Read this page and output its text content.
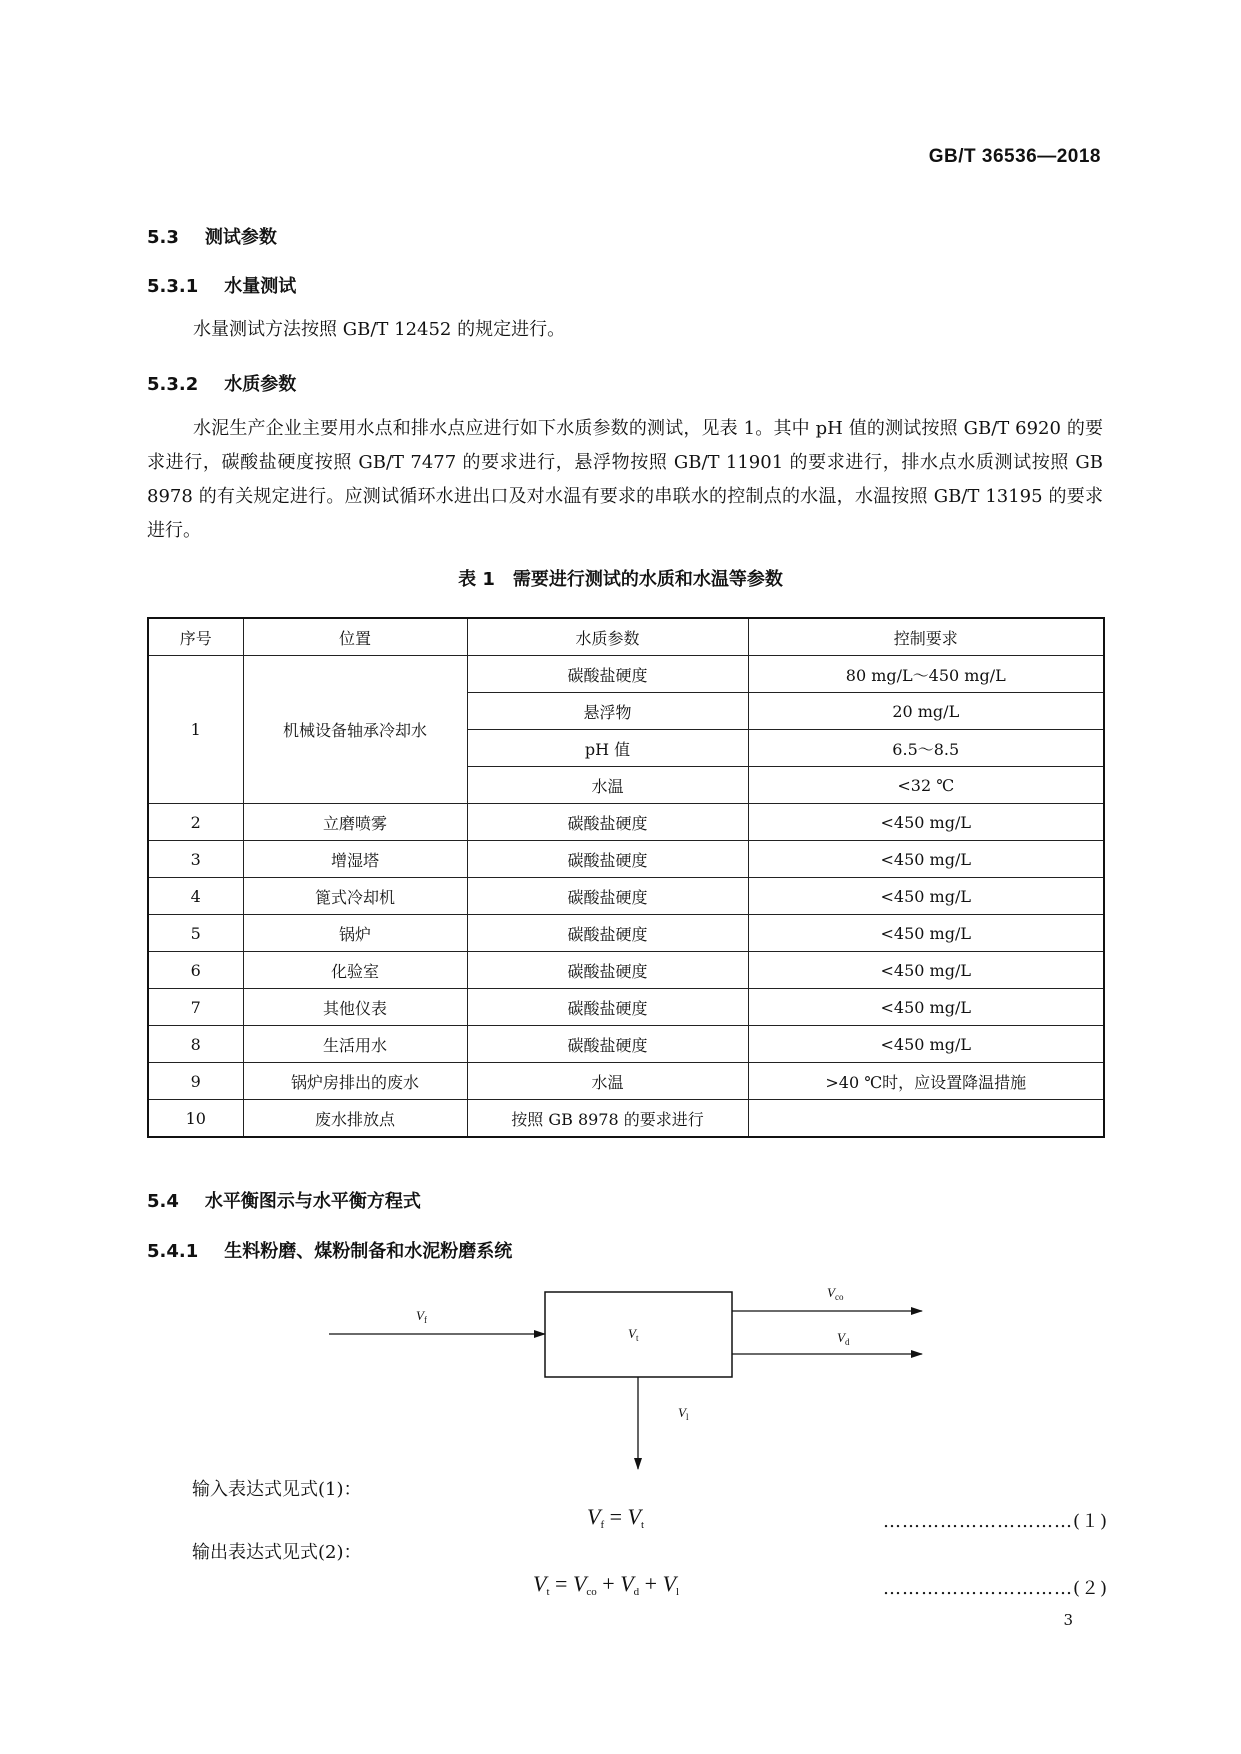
GB/T 36536—2018
5.3 测试参数
5.3.1 水量测试

水量测试方法按照 GB/T 12452 的规定进行。

5.3.2 水质参数

水泥生产企业主要用水点和排水点应进行如下水质参数的测试，见表 1。其中 pH 值的测试按照 GB/T 6920 的要求进行，碳酸盐硬度按照 GB/T 7477 的要求进行，悬浮物按照 GB/T 11901 的要求进行，排水点水质测试按照 GB 8978 的有关规定进行。应测试循环水进出口及对水温有要求的串联水的控制点的水温，水温按照 GB/T 13195 的要求进行。

表 1　需要进行测试的水质和水温等参数
序号	位置	水质参数	控制要求
1	机械设备轴承冷却水	碳酸盐硬度	80 mg/L～450 mg/L
		悬浮物	20 mg/L
		pH 值	6.5～8.5
		水温	<32 ℃
2	立磨喷雾	碳酸盐硬度	<450 mg/L
3	增湿塔	碳酸盐硬度	<450 mg/L
4	篦式冷却机	碳酸盐硬度	<450 mg/L
5	锅炉	碳酸盐硬度	<450 mg/L
6	化验室	碳酸盐硬度	<450 mg/L
7	其他仪表	碳酸盐硬度	<450 mg/L
8	生活用水	碳酸盐硬度	<450 mg/L
9	锅炉房排出的废水	水温	>40 ℃时，应设置降温措施
10	废水排放点	按照 GB 8978 的要求进行	
5.4 水平衡图示与水平衡方程式
5.4.1 生料粉磨、煤粉制备和水泥粉磨系统
$V_f$
$V_t$
$V_{co}$
$V_d$
$V_l$
输入表达式见式(1)：
$V_f = V_t$	…………………………(１)
输出表达式见式(2)：
$V_t = V_{co} + V_d + V_l$	…………………………(２)
3
